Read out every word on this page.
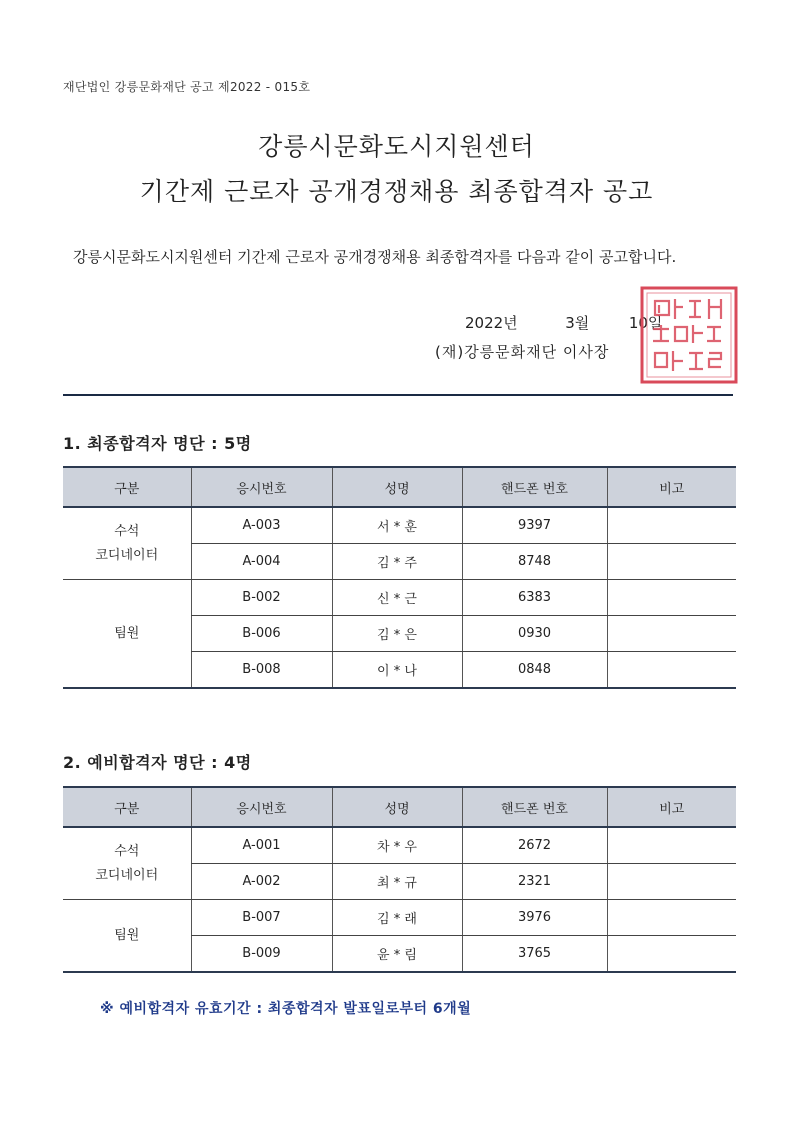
재단법인 강릉문화재단 공고 제2022 - 015호
강릉시문화도시지원센터
기간제 근로자 공개경쟁채용 최종합격자 공고
강릉시문화도시지원센터 기간제 근로자 공개경쟁채용 최종합격자를 다음과 같이 공고합니다.
2022년	3월	10일
(재)강릉문화재단 이사장
1. 최종합격자 명단 : 5명
구분	응시번호	성명	핸드폰 번호	비고

수석
코디네이터	A-003	서 * 훈	9397	
	A-004	김 * 주	8748	

팀원	B-002	신 * 근	6383	
	B-006	김 * 은	0930	
	B-008	이 * 나	0848	
2. 예비합격자 명단 : 4명
구분	응시번호	성명	핸드폰 번호	비고

수석
코디네이터	A-001	차 * 우	2672	
	A-002	최 * 규	2321	

팀원	B-007	김 * 래	3976	
	B-009	윤 * 림	3765	
※ 예비합격자 유효기간 : 최종합격자 발표일로부터 6개월
